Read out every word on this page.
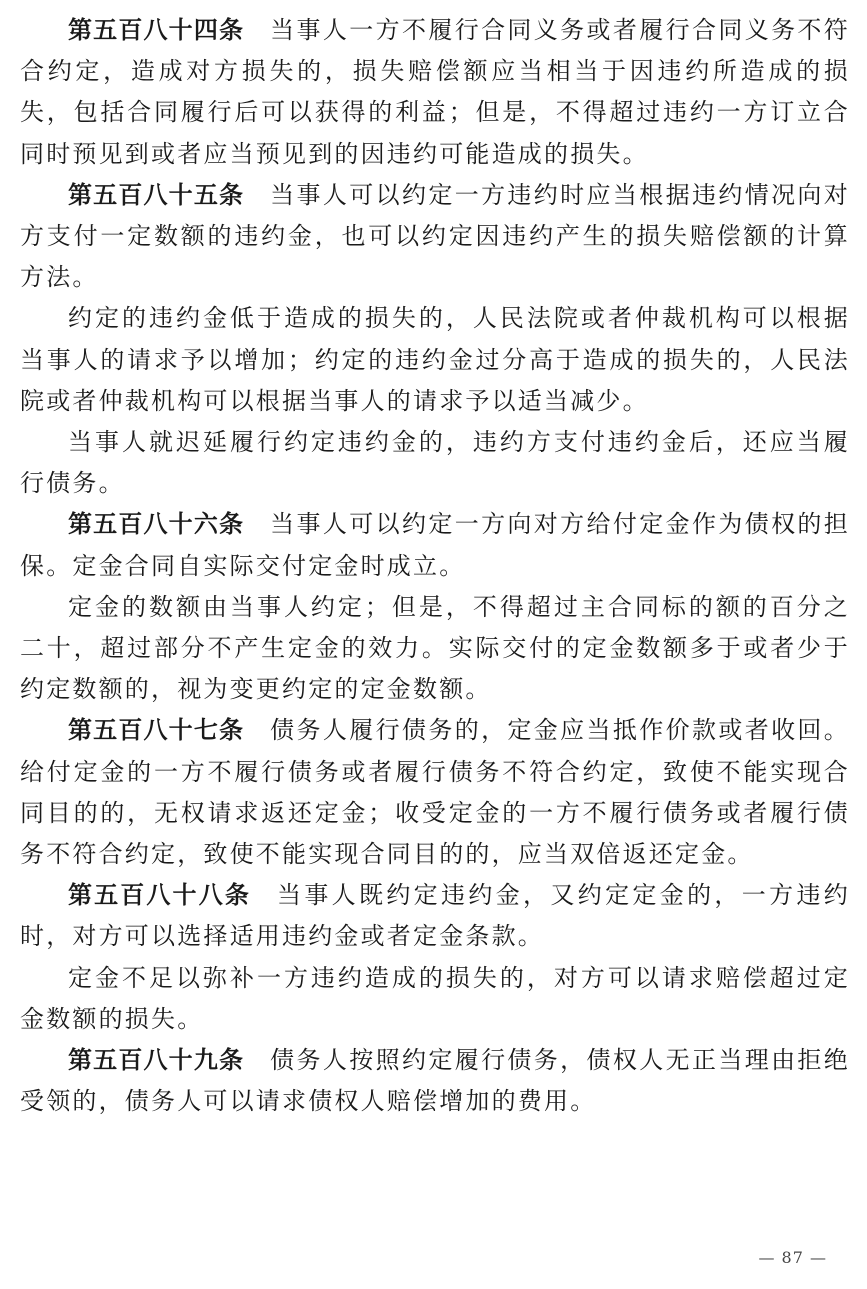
第五百八十四条 当事人一方不履行合同义务或者履行合同义务不符合约定，造成对方损失的，损失赔偿额应当相当于因违约所造成的损失，包括合同履行后可以获得的利益；但是，不得超过违约一方订立合同时预见到或者应当预见到的因违约可能造成的损失。

第五百八十五条 当事人可以约定一方违约时应当根据违约情况向对方支付一定数额的违约金，也可以约定因违约产生的损失赔偿额的计算方法。

约定的违约金低于造成的损失的，人民法院或者仲裁机构可以根据当事人的请求予以增加；约定的违约金过分高于造成的损失的，人民法院或者仲裁机构可以根据当事人的请求予以适当减少。

当事人就迟延履行约定违约金的，违约方支付违约金后，还应当履行债务。

第五百八十六条 当事人可以约定一方向对方给付定金作为债权的担保。定金合同自实际交付定金时成立。

定金的数额由当事人约定；但是，不得超过主合同标的额的百分之二十，超过部分不产生定金的效力。实际交付的定金数额多于或者少于约定数额的，视为变更约定的定金数额。

第五百八十七条 债务人履行债务的，定金应当抵作价款或者收回。给付定金的一方不履行债务或者履行债务不符合约定，致使不能实现合同目的的，无权请求返还定金；收受定金的一方不履行债务或者履行债务不符合约定，致使不能实现合同目的的，应当双倍返还定金。

第五百八十八条 当事人既约定违约金，又约定定金的，一方违约时，对方可以选择适用违约金或者定金条款。

定金不足以弥补一方违约造成的损失的，对方可以请求赔偿超过定金数额的损失。

第五百八十九条 债务人按照约定履行债务，债权人无正当理由拒绝受领的，债务人可以请求债权人赔偿增加的费用。

— 87 —
